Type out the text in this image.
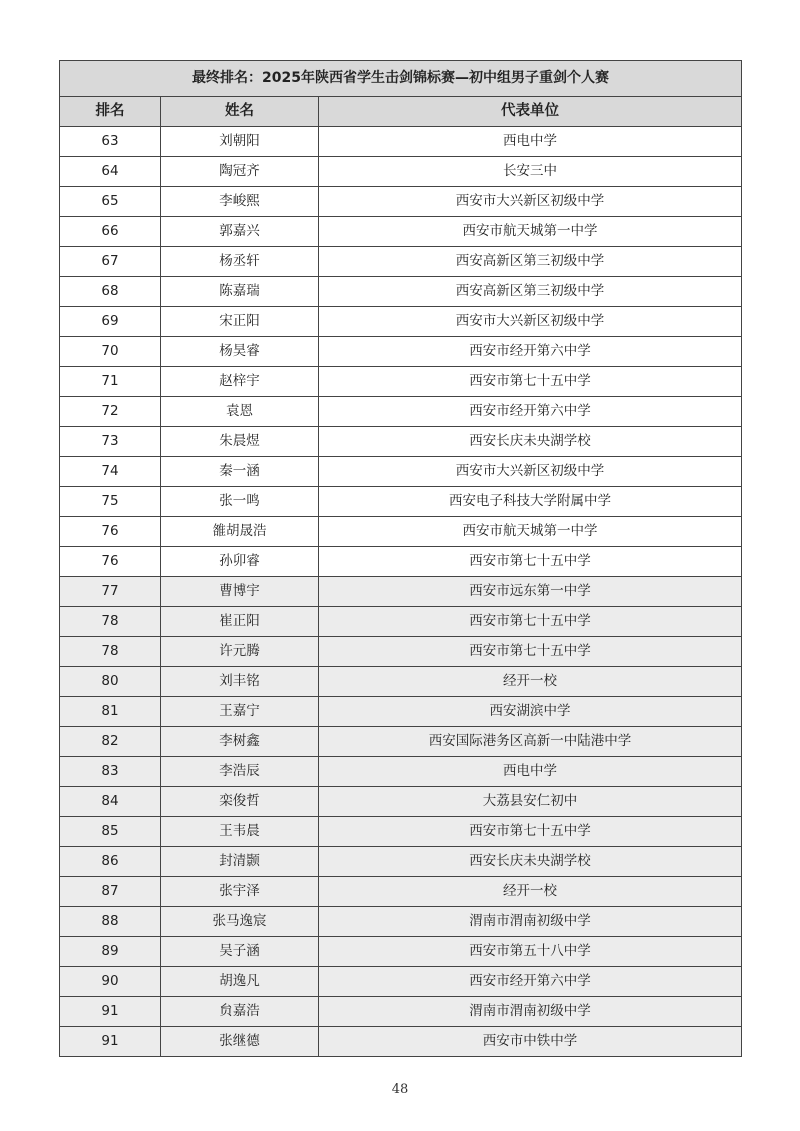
最终排名：2025年陕西省学生击剑锦标赛—初中组男子重剑个人赛		
排名	姓名	代表单位
63	刘朝阳	西电中学
64	陶冠齐	长安三中
65	李峻熙	西安市大兴新区初级中学
66	郭嘉兴	西安市航天城第一中学
67	杨丞轩	西安高新区第三初级中学
68	陈嘉瑞	西安高新区第三初级中学
69	宋正阳	西安市大兴新区初级中学
70	杨昊睿	西安市经开第六中学
71	赵梓宇	西安市第七十五中学
72	袁恩	西安市经开第六中学
73	朱晨煜	西安长庆未央湖学校
74	秦一涵	西安市大兴新区初级中学
75	张一鸣	西安电子科技大学附属中学
76	雒胡晟浩	西安市航天城第一中学
76	孙卯睿	西安市第七十五中学
77	曹博宇	西安市远东第一中学
78	崔正阳	西安市第七十五中学
78	许元腾	西安市第七十五中学
80	刘丰铭	经开一校
81	王嘉宁	西安湖滨中学
82	李树鑫	西安国际港务区高新一中陆港中学
83	李浩辰	西电中学
84	栾俊哲	大荔县安仁初中
85	王韦晨	西安市第七十五中学
86	封清颢	西安长庆未央湖学校
87	张宇泽	经开一校
88	张马逸宸	渭南市渭南初级中学
89	吴子涵	西安市第五十八中学
90	胡逸凡	西安市经开第六中学
91	贠嘉浩	渭南市渭南初级中学
91	张继德	西安市中铁中学
48
